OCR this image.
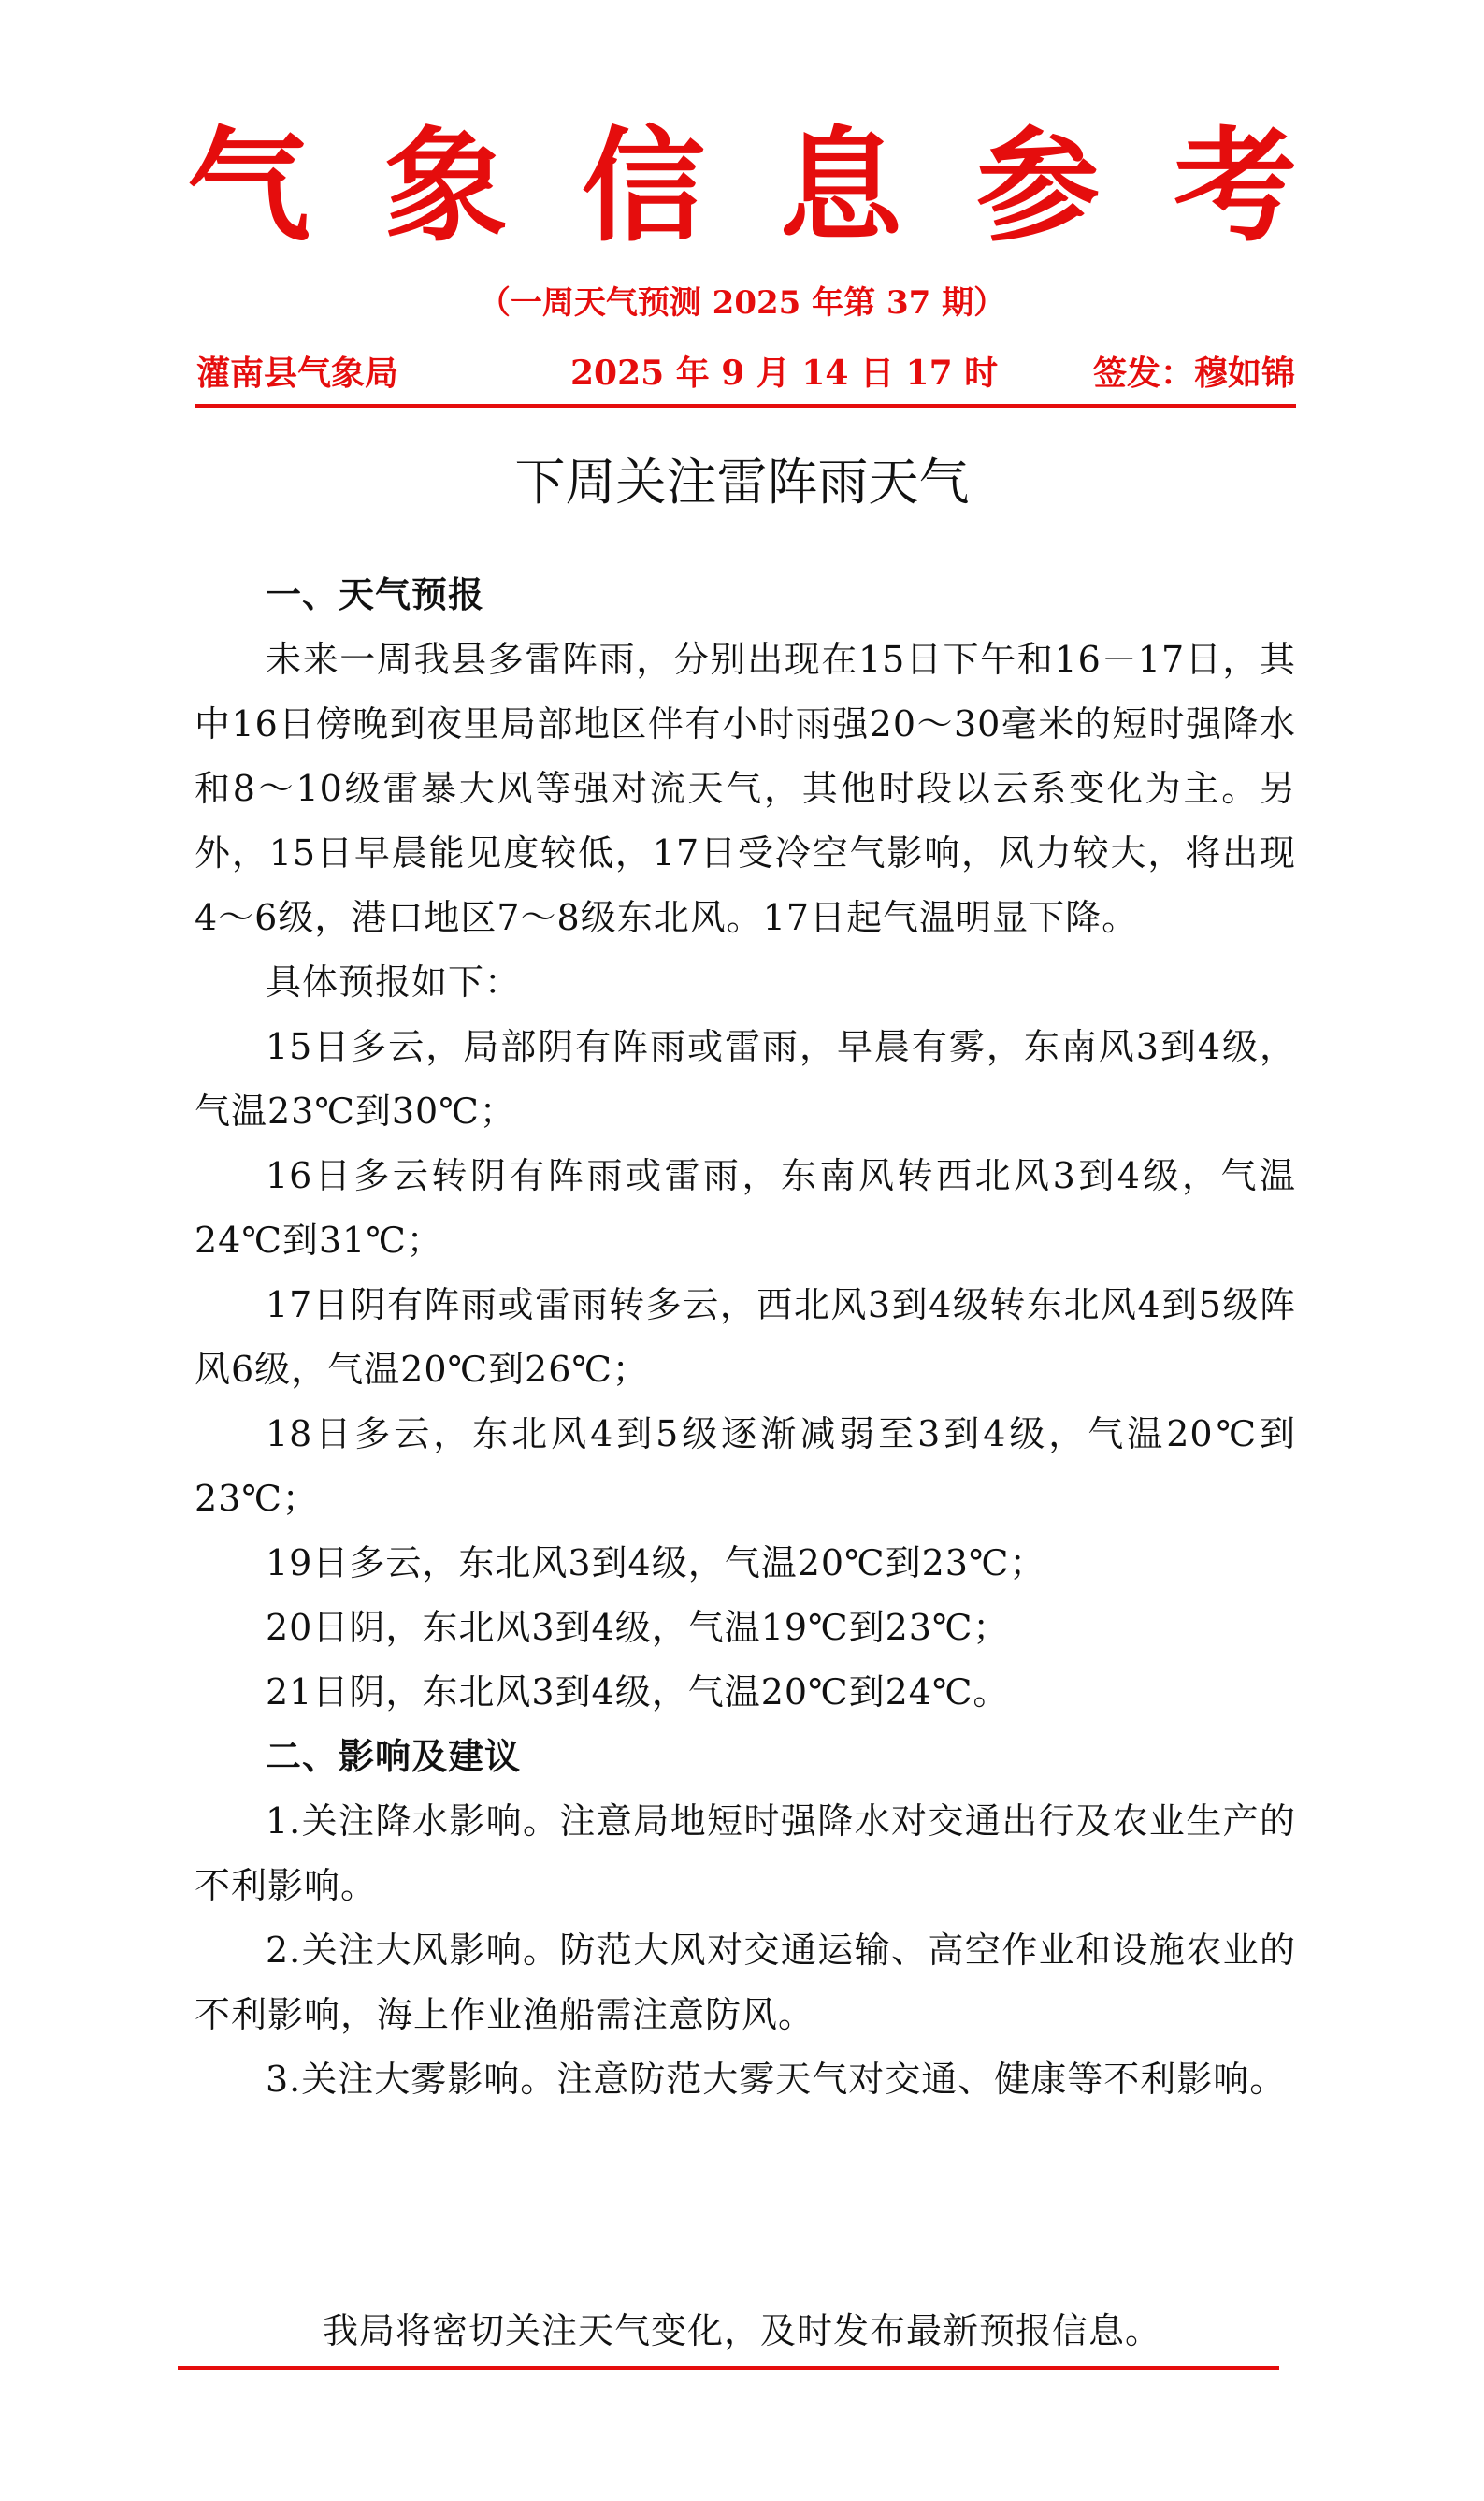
气 象 信 息 参 考
（一周天气预测 2025 年第 37 期）
灌南县气象局	2025 年 9 月 14 日 17 时	签发：穆如锦
下周关注雷阵雨天气

一、天气预报

未来一周我县多雷阵雨，分别出现在15日下午和16－17日，其中16日傍晚到夜里局部地区伴有小时雨强20～30毫米的短时强降水和8～10级雷暴大风等强对流天气，其他时段以云系变化为主。另外，15日早晨能见度较低，17日受冷空气影响，风力较大，将出现4～6级，港口地区7～8级东北风。17日起气温明显下降。

具体预报如下：

15日多云，局部阴有阵雨或雷雨，早晨有雾，东南风3到4级，气温23℃到30℃；

16日多云转阴有阵雨或雷雨，东南风转西北风3到4级，气温24℃到31℃；

17日阴有阵雨或雷雨转多云，西北风3到4级转东北风4到5级阵风6级，气温20℃到26℃；

18日多云，东北风4到5级逐渐减弱至3到4级，气温20℃到23℃；

19日多云，东北风3到4级，气温20℃到23℃；

20日阴，东北风3到4级，气温19℃到23℃；

21日阴，东北风3到4级，气温20℃到24℃。

二、影响及建议

1.关注降水影响。注意局地短时强降水对交通出行及农业生产的不利影响。

2.关注大风影响。防范大风对交通运输、高空作业和设施农业的不利影响，海上作业渔船需注意防风。

3.关注大雾影响。注意防范大雾天气对交通、健康等不利影响。

我局将密切关注天气变化，及时发布最新预报信息。
